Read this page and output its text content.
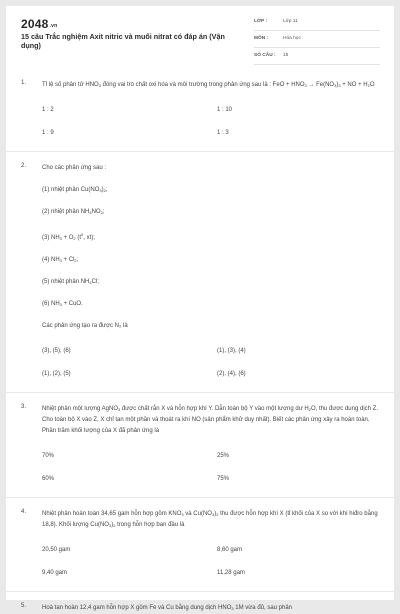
2048.vn
15 câu Trắc nghiệm Axit nitric và muối nitrat có đáp án (Vận dụng)
LỚP :	Lớp 11
MÔN :	Hóa học
SỐ CÂU : 15
1.	Tỉ lệ số phân tử $HNO_3$ đóng vai trò chất oxi hóa và môi trường trong phản ứng sau là : FeO + $HNO_3 \to Fe(NO_3)_3$ + NO + $H_2O$
1 : 2	1 : 10
1 : 9	1 : 3
2.	Cho các phản ứng sau :
(1) nhiệt phân $Cu(NO_3)_2$;
(2) nhiệt phân $NH_4NO_2$;
(3) $NH_3 + O_2$ ($t^0$, xt);
(4) $NH_3 + Cl_2$;
(5) nhiệt phân $NH_4Cl$;
(6) $NH_3$ + CuO.
Các phản ứng tạo ra được N₂ là
(3), (5), (6)	(1), (3), (4)
(1), (2), (5)	(2), (4), (6)
3.	Nhiệt phân một lượng AgNO$_3$ được chất rắn X và hỗn hợp khí Y. Dẫn toàn bộ Y vào một lượng dư $H_2O$, thu được dung dịch Z. Cho toàn bộ X vào Z, X chỉ tan một phần và thoát ra khí NO (sản phẩm khử duy nhất). Biết các phản ứng xảy ra hoàn toàn. Phần trăm khối lượng của X đã phản ứng là
70%	25%
60%	75%
4.	Nhiệt phân hoàn toàn 34,65 gam hỗn hợp gồm $KNO_3$ và $Cu(NO_3)_2$ thu được hỗn hợp khí X (tỉ khối của X so với khí hiđro bằng 18,8). Khối lượng $Cu(NO_3)_2$ trong hỗn hợp ban đầu là
20,50 gam	8,60 gam
9,40 gam	11,28 gam
5.	Hoà tan hoàn 12,4 gam hỗn hợp X gồm Fe và Cu bằng dung dịch $HNO_3$ 1M vừa đủ, sau phản
